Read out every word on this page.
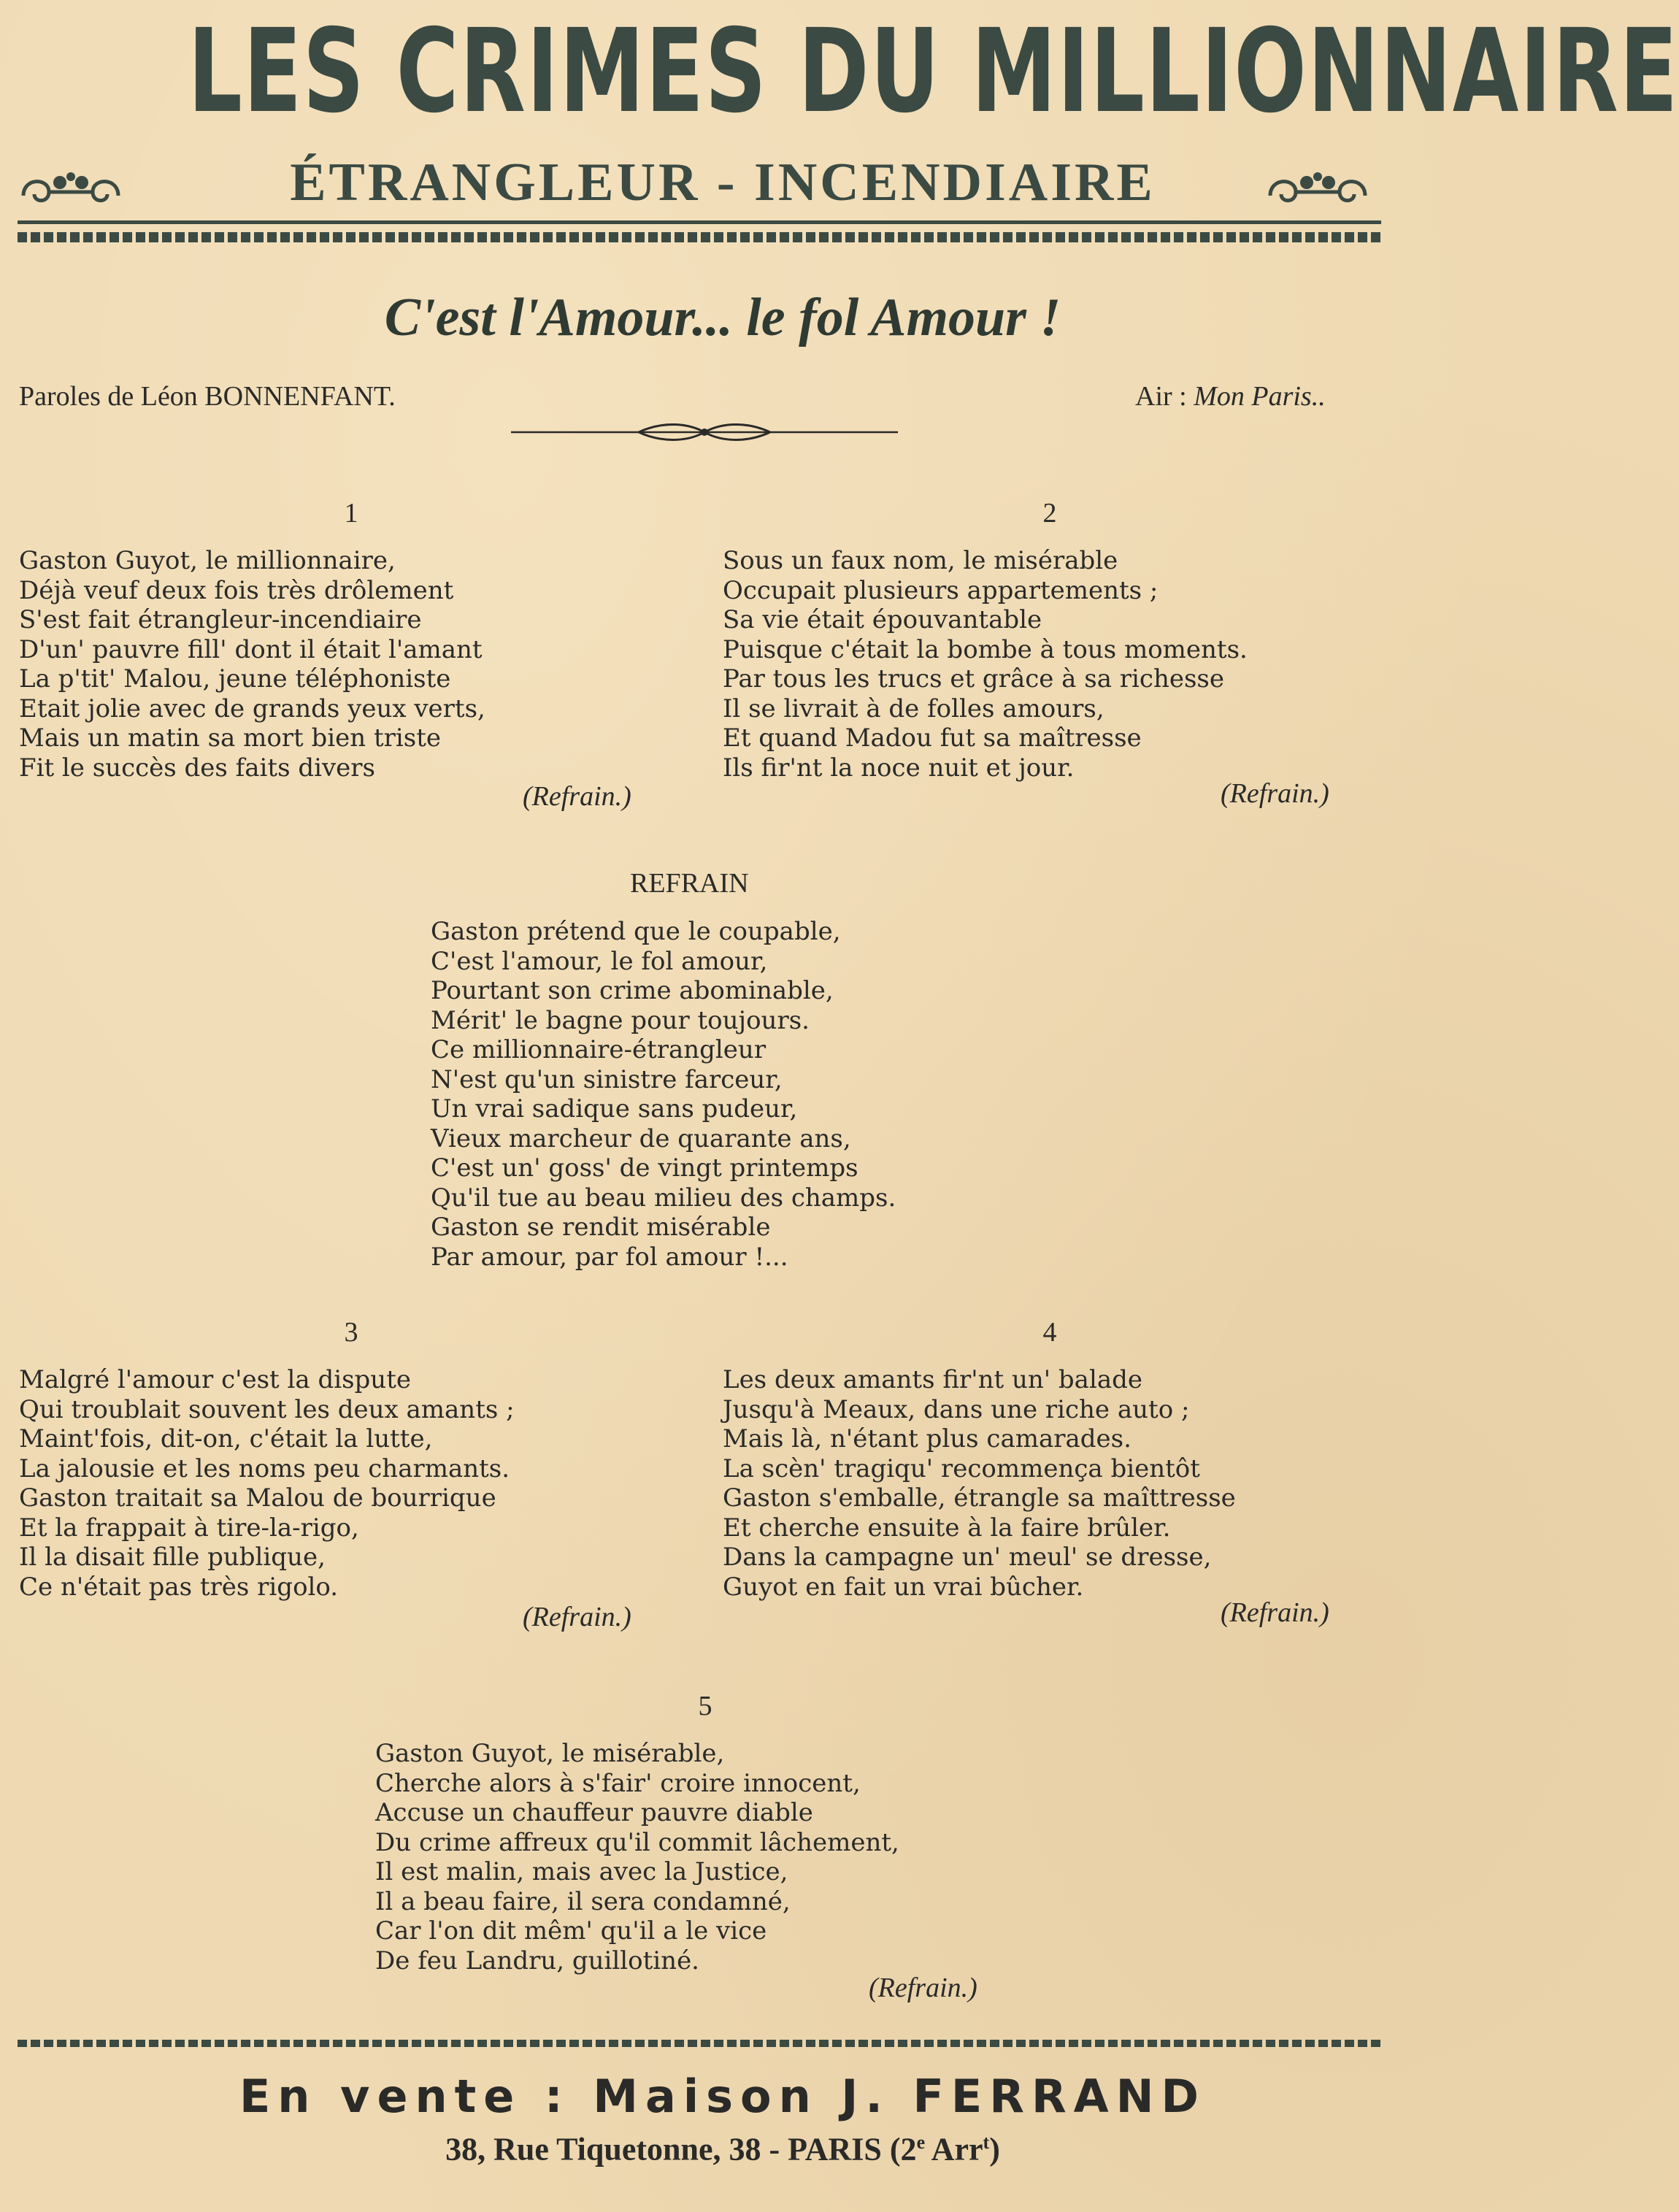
LES CRIMES DU MILLIONNAIRE
ÉTRANGLEUR - INCENDIAIRE
C'est l'Amour... le fol Amour !
Paroles de Léon BONNENFANT.	Air : Mon Paris..
1
Gaston Guyot, le millionnaire,
Déjà veuf deux fois très drôlement
S'est fait étrangleur-incendiaire
D'un' pauvre fill' dont il était l'amant
La p'tit' Malou, jeune téléphoniste
Etait jolie avec de grands yeux verts,
Mais un matin sa mort bien triste
Fit le succès des faits divers
(Refrain.)
2
Sous un faux nom, le misérable
Occupait plusieurs appartements ;
Sa vie était épouvantable
Puisque c'était la bombe à tous moments.
Par tous les trucs et grâce à sa richesse
Il se livrait à de folles amours,
Et quand Madou fut sa maîtresse
Ils fir'nt la noce nuit et jour.
(Refrain.)
REFRAIN
Gaston prétend que le coupable,
C'est l'amour, le fol amour,
Pourtant son crime abominable,
Mérit' le bagne pour toujours.
Ce millionnaire-étrangleur
N'est qu'un sinistre farceur,
Un vrai sadique sans pudeur,
Vieux marcheur de quarante ans,
C'est un' goss' de vingt printemps
Qu'il tue au beau milieu des champs.
Gaston se rendit misérable
Par amour, par fol amour !...
3
Malgré l'amour c'est la dispute
Qui troublait souvent les deux amants ;
Maint'fois, dit-on, c'était la lutte,
La jalousie et les noms peu charmants.
Gaston traitait sa Malou de bourrique
Et la frappait à tire-la-rigo,
Il la disait fille publique,
Ce n'était pas très rigolo.
(Refrain.)
4
Les deux amants fir'nt un' balade
Jusqu'à Meaux, dans une riche auto ;
Mais là, n'étant plus camarades.
La scèn' tragiqu' recommença bientôt
Gaston s'emballe, étrangle sa maîttresse
Et cherche ensuite à la faire brûler.
Dans la campagne un' meul' se dresse,
Guyot en fait un vrai bûcher.
(Refrain.)
5
Gaston Guyot, le misérable,
Cherche alors à s'fair' croire innocent,
Accuse un chauffeur pauvre diable
Du crime affreux qu'il commit lâchement,
Il est malin, mais avec la Justice,
Il a beau faire, il sera condamné,
Car l'on dit mêm' qu'il a le vice
De feu Landru, guillotiné.
(Refrain.)
En vente : Maison J. FERRAND
38, Rue Tiquetonne, 38 - PARIS (2e Arr$^t$)
